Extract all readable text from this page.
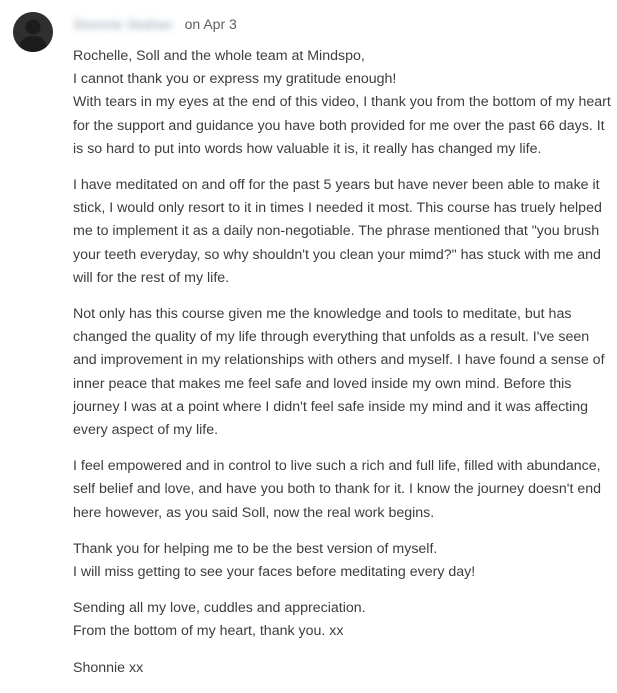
Shonnie Skahan on Apr 3
Rochelle, Soll and the whole team at Mindspo,
I cannot thank you or express my gratitude enough!
With tears in my eyes at the end of this video, I thank you from the bottom of my heart
for the support and guidance you have both provided for me over the past 66 days. It
is so hard to put into words how valuable it is, it really has changed my life.
I have meditated on and off for the past 5 years but have never been able to make it
stick, I would only resort to it in times I needed it most. This course has truely helped
me to implement it as a daily non-negotiable. The phrase mentioned that "you brush
your teeth everyday, so why shouldn't you clean your mimd?" has stuck with me and
will for the rest of my life.
Not only has this course given me the knowledge and tools to meditate, but has
changed the quality of my life through everything that unfolds as a result. I've seen
and improvement in my relationships with others and myself. I have found a sense of
inner peace that makes me feel safe and loved inside my own mind. Before this
journey I was at a point where I didn't feel safe inside my mind and it was affecting
every aspect of my life.
I feel empowered and in control to live such a rich and full life, filled with abundance,
self belief and love, and have you both to thank for it. I know the journey doesn't end
here however, as you said Soll, now the real work begins.
Thank you for helping me to be the best version of myself.
I will miss getting to see your faces before meditating every day!
Sending all my love, cuddles and appreciation.
From the bottom of my heart, thank you. xx
Shonnie xx
